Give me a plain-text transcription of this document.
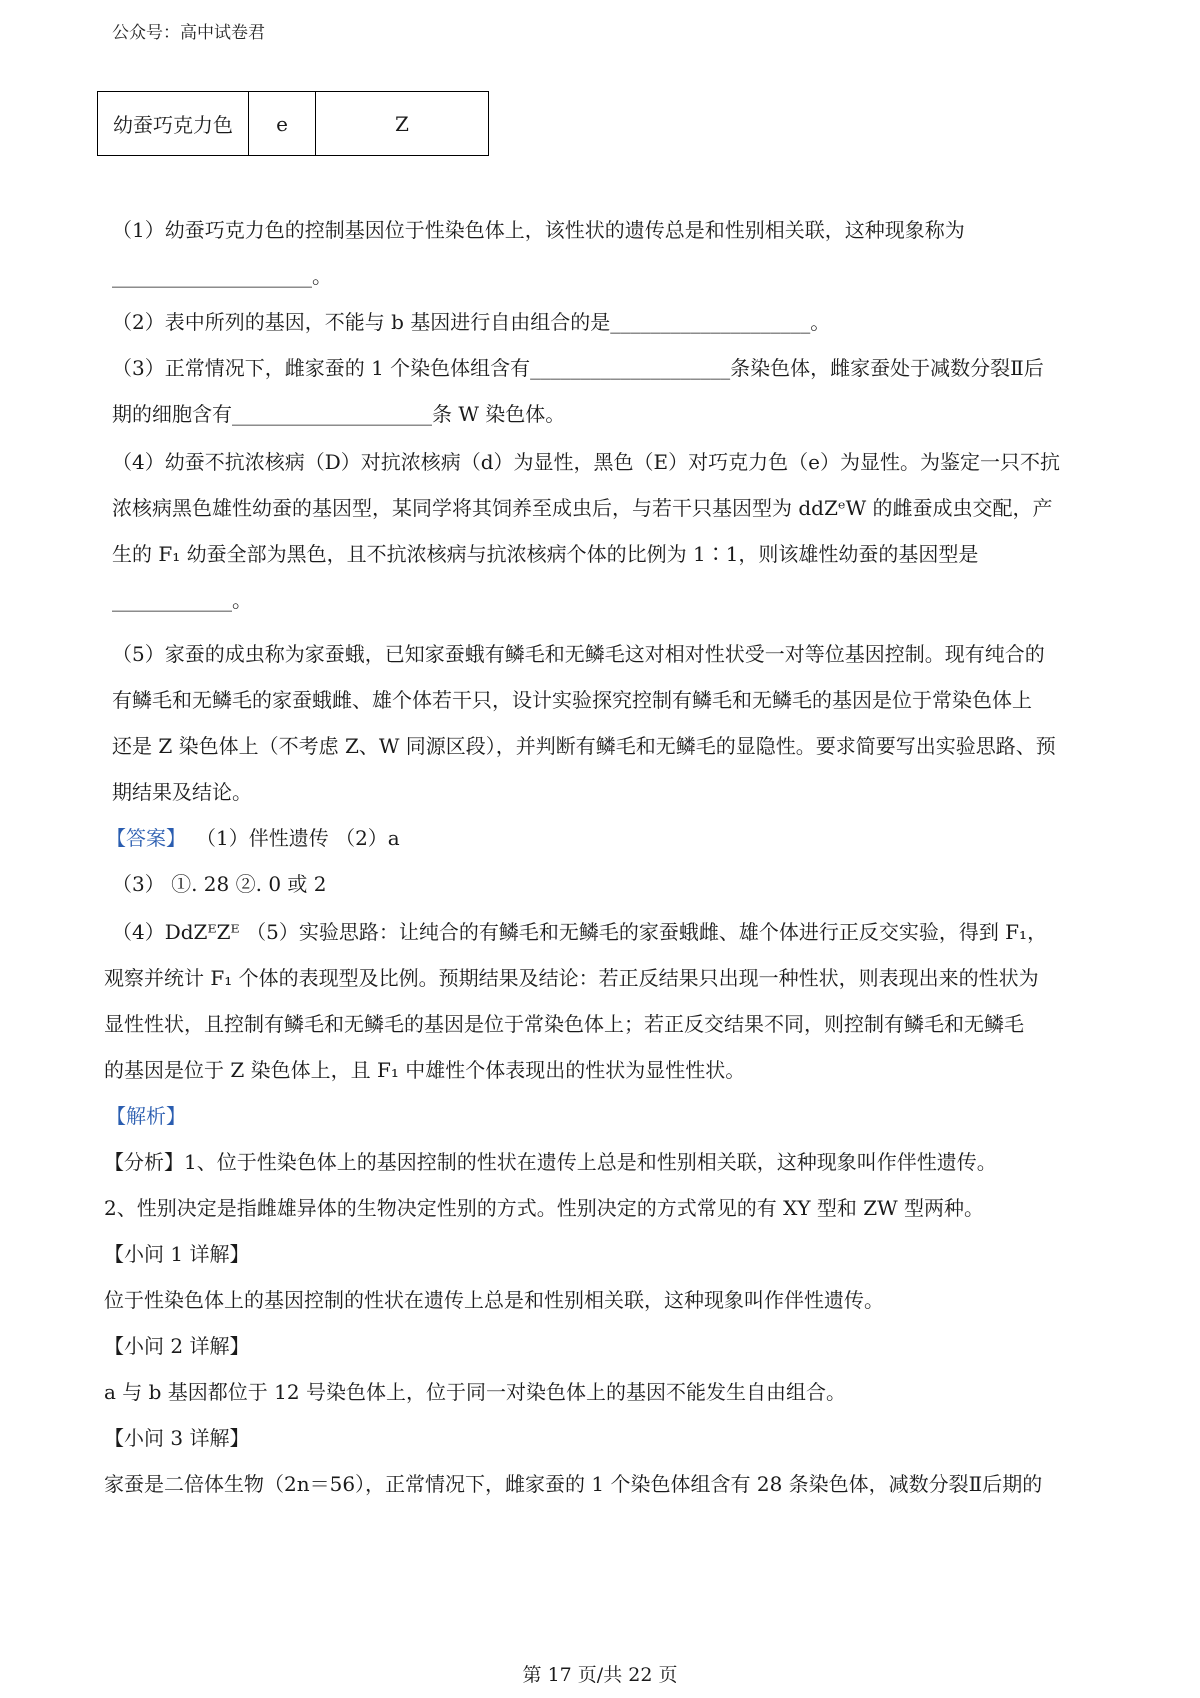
公众号：高中试卷君
幼蚕巧克力色	e	Z
（1）幼蚕巧克力色的控制基因位于性染色体上，该性状的遗传总是和性别相关联，这种现象称为
____________________。
（2）表中所列的基因，不能与 b 基因进行自由组合的是____________________。
（3）正常情况下，雌家蚕的 1 个染色体组含有____________________条染色体，雌家蚕处于减数分裂Ⅱ后
期的细胞含有____________________条 W 染色体。
（4）幼蚕不抗浓核病（D）对抗浓核病（d）为显性，黑色（E）对巧克力色（e）为显性。为鉴定一只不抗
浓核病黑色雄性幼蚕的基因型，某同学将其饲养至成虫后，与若干只基因型为 ddZᵉW 的雌蚕成虫交配，产
生的 F₁ 幼蚕全部为黑色，且不抗浓核病与抗浓核病个体的比例为 1∶1，则该雄性幼蚕的基因型是
____________。
（5）家蚕的成虫称为家蚕蛾，已知家蚕蛾有鳞毛和无鳞毛这对相对性状受一对等位基因控制。现有纯合的
有鳞毛和无鳞毛的家蚕蛾雌、雄个体若干只，设计实验探究控制有鳞毛和无鳞毛的基因是位于常染色体上
还是 Z 染色体上（不考虑 Z、W 同源区段），并判断有鳞毛和无鳞毛的显隐性。要求简要写出实验思路、预
期结果及结论。
【答案】 （1）伴性遗传 （2）a
（3） ①. 28 ②. 0 或 2
（4）DdZᴱZᴱ （5）实验思路：让纯合的有鳞毛和无鳞毛的家蚕蛾雌、雄个体进行正反交实验，得到 F₁，
观察并统计 F₁ 个体的表现型及比例。预期结果及结论：若正反结果只出现一种性状，则表现出来的性状为
显性性状，且控制有鳞毛和无鳞毛的基因是位于常染色体上；若正反交结果不同，则控制有鳞毛和无鳞毛
的基因是位于 Z 染色体上，且 F₁ 中雄性个体表现出的性状为显性性状。
【解析】
【分析】1、位于性染色体上的基因控制的性状在遗传上总是和性别相关联，这种现象叫作伴性遗传。
2、性别决定是指雌雄异体的生物决定性别的方式。性别决定的方式常见的有 XY 型和 ZW 型两种。
【小问 1 详解】
位于性染色体上的基因控制的性状在遗传上总是和性别相关联，这种现象叫作伴性遗传。
【小问 2 详解】
a 与 b 基因都位于 12 号染色体上，位于同一对染色体上的基因不能发生自由组合。
【小问 3 详解】
家蚕是二倍体生物（2n＝56），正常情况下，雌家蚕的 1 个染色体组含有 28 条染色体，减数分裂Ⅱ后期的
第 17 页/共 22 页
